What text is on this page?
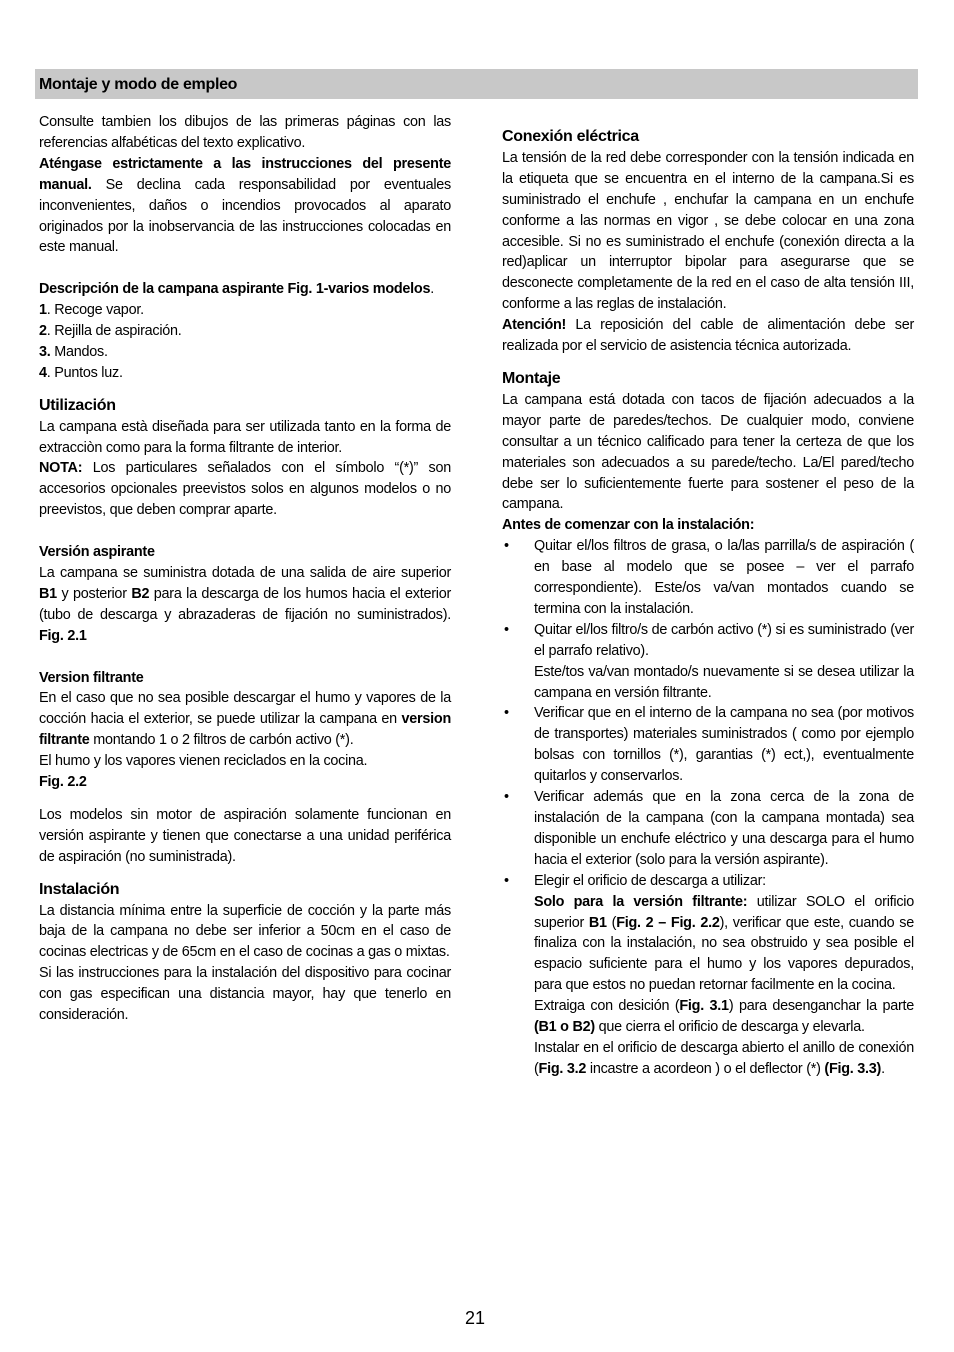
Montaje y modo de empleo

Consulte tambien los dibujos de las primeras páginas con las referencias alfabéticas del texto explicativo.

Aténgase estrictamente a las instrucciones del presente manual. Se declina cada responsabilidad por eventuales inconvenientes, daños o incendios provocados al aparato originados por la inobservancia de las instrucciones colocadas en este manual.

Descripción de la campana aspirante Fig. 1-varios modelos.

1. Recoge vapor.
2. Rejilla de aspiración.
3. Mandos.
4. Puntos luz.
Utilización

La campana està diseñada para ser utilizada tanto en la forma de extracciòn como para la forma filtrante de interior.

NOTA: Los particulares señalados con el símbolo “(*)” son accesorios opcionales preevistos solos en algunos modelos o no preevistos, que deben comprar aparte.

Versión aspirante

La campana se suministra dotada de una salida de aire superior B1 y posterior B2 para la descarga de los humos hacia el exterior (tubo de descarga y abrazaderas de fijación no suministrados). Fig. 2.1

Version filtrante

En el caso que no sea posible descargar el humo y vapores de la cocción hacia el exterior, se puede utilizar la campana en version filtrante montando 1 o 2 filtros de carbón activo (*).

El humo y los vapores vienen reciclados en la cocina.

Fig. 2.2

Los modelos sin motor de aspiración solamente funcionan en versión aspirante y tienen que conectarse a una unidad periférica de aspiración (no suministrada).

Instalación

La distancia mínima entre la superficie de cocción y la parte más baja de la campana no debe ser inferior a 50cm en el caso de cocinas electricas y de 65cm en el caso de cocinas a gas o mixtas.

Si las instrucciones para la instalación del dispositivo para cocinar con gas especifican una distancia mayor, hay que tenerlo en consideración.

Conexión eléctrica

La tensión de la red debe corresponder con la tensión indicada en la etiqueta que se encuentra en el interno de la campana.Si es suministrado el enchufe , enchufar la campana en un enchufe conforme a las normas en vigor , se debe colocar en una zona accesible. Si no es suministrado el enchufe (conexión directa a la red)aplicar un interruptor bipolar para asegurarse que se desconecte completamente de la red en el caso de alta tensión III, conforme a las reglas de instalación.

Atención! La reposición del cable de alimentación debe ser realizada por el servicio de asistencia técnica autorizada.

Montaje

La campana está dotada con tacos de fijación adecuados a la mayor parte de paredes/techos. De cualquier modo, conviene consultar a un técnico calificado para tener la certeza de que los materiales son adecuados a su parede/techo. La/El pared/techo debe ser lo suficientemente fuerte para sostener el peso de la campana.

Antes de comenzar con la instalación:
• Quitar el/los filtros de grasa, o la/las parrilla/s de aspiración ( en base al modelo que se posee – ver el parrafo correspondiente). Este/os va/van montados cuando se termina con la instalación.
• Quitar el/los filtro/s de carbón activo (*) si es suministrado (ver el parrafo relativo).
Este/tos va/van montado/s nuevamente si se desea utilizar la campana en versión filtrante.
• Verificar que en el interno de la campana no sea (por motivos de transportes) materiales suministrados ( como por ejemplo bolsas con tornillos (*), garantias (*) ect,), eventualmente quitarlos y conservarlos.
• Verificar además que en la zona cerca de la zona de instalación de la campana (con la campana montada) sea disponible un enchufe eléctrico y una descarga para el humo hacia el exterior (solo para la versión aspirante).
• Elegir el orificio de descarga a utilizar:
Solo para la versión filtrante: utilizar SOLO el orificio superior B1 (Fig. 2 – Fig. 2.2), verificar que este, cuando se finaliza con la instalación, no sea obstruido y sea posible el espacio suficiente para el humo y los vapores depurados, para que estos no puedan retornar facilmente en la cocina.
Extraiga con desición (Fig. 3.1) para desenganchar la parte (B1 o B2) que cierra el orificio de descarga y elevarla.
Instalar en el orificio de descarga abierto el anillo de conexión (Fig. 3.2 incastre a acordeon ) o el deflector (*) (Fig. 3.3).
21
